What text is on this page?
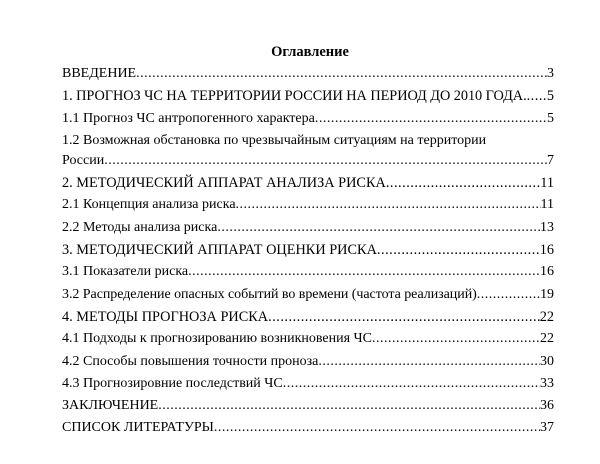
Оглавление
ВВЕДЕНИЕ .....	3
1. ПРОГНОЗ ЧС НА ТЕРРИТОРИИ РОССИИ НА ПЕРИОД ДО 2010 ГОДА. ..... 5
1.1 Прогноз ЧС антропогенного характера .....	5
1.2 Возможная обстановка по чрезвычайным ситуациям на территории
России .....	7
2. МЕТОДИЧЕСКИЙ АППАРАТ АНАЛИЗА РИСКА .....	11
2.1 Концепция анализа риска .....	11
2.2 Методы анализа риска .....	13
3. МЕТОДИЧЕСКИЙ АППАРАТ ОЦЕНКИ РИСКА .....	16
3.1 Показатели риска .....	16
3.2 Распределение опасных событий во времени (частота реализаций) .....	19
4. МЕТОДЫ ПРОГНОЗА РИСКА .....	22
4.1 Подходы к прогнозированию возникновения ЧС .....	22
4.2 Способы повышения точности проноза .....	30
4.3 Прогнозировние последствий ЧС .....	33
ЗАКЛЮЧЕНИЕ .....	36
СПИСОК ЛИТЕРАТУРЫ .....	37
